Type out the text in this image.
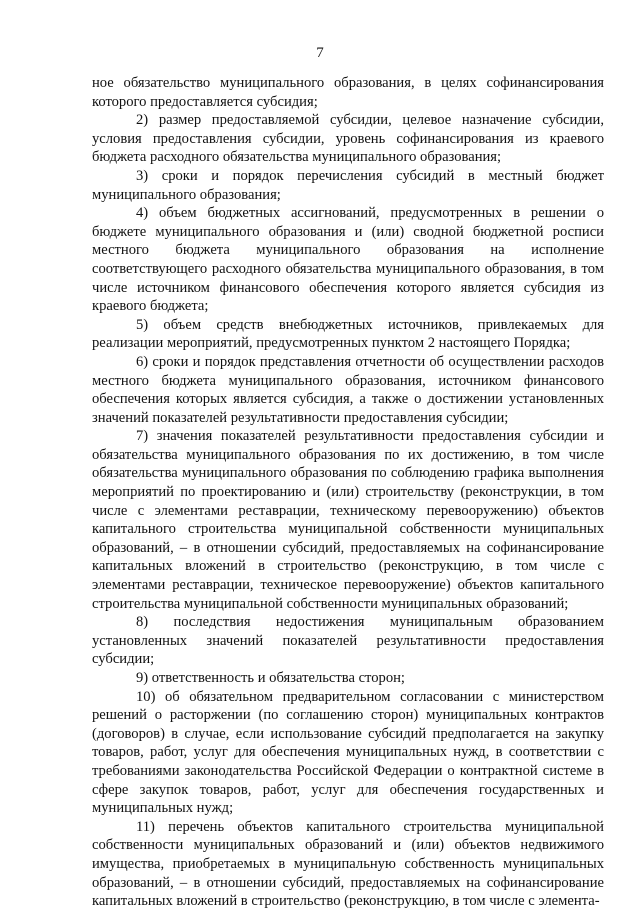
7

ное обязательство муниципального образования, в целях софинансирования которого предоставляется субсидия;

2) размер предоставляемой субсидии, целевое назначение субсидии, условия предоставления субсидии, уровень софинансирования из краевого бюджета расходного обязательства муниципального образования;

3) сроки и порядок перечисления субсидий в местный бюджет муниципального образования;

4) объем бюджетных ассигнований, предусмотренных в решении о бюджете муниципального образования и (или) сводной бюджетной росписи местного бюджета муниципального образования на исполнение соответствующего расходного обязательства муниципального образования, в том числе источником финансового обеспечения которого является субсидия из краевого бюджета;

5) объем средств внебюджетных источников, привлекаемых для реализации мероприятий, предусмотренных пунктом 2 настоящего Порядка;

6) сроки и порядок представления отчетности об осуществлении расходов местного бюджета муниципального образования, источником финансового обеспечения которых является субсидия, а также о достижении установленных значений показателей результативности предоставления субсидии;

7) значения показателей результативности предоставления субсидии и обязательства муниципального образования по их достижению, в том числе обязательства муниципального образования по соблюдению графика выполнения мероприятий по проектированию и (или) строительству (реконструкции, в том числе с элементами реставрации, техническому перевооружению) объектов капитального строительства муниципальной собственности муниципальных образований, – в отношении субсидий, предоставляемых на софинансирование капитальных вложений в строительство (реконструкцию, в том числе с элементами реставрации, техническое перевооружение) объектов капитального строительства муниципальной собственности муниципальных образований;

8) последствия недостижения муниципальным образованием установленных значений показателей результативности предоставления субсидии;

9) ответственность и обязательства сторон;

10) об обязательном предварительном согласовании с министерством решений о расторжении (по соглашению сторон) муниципальных контрактов (договоров) в случае, если использование субсидий предполагается на закупку товаров, работ, услуг для обеспечения муниципальных нужд, в соответствии с требованиями законодательства Российской Федерации о контрактной системе в сфере закупок товаров, работ, услуг для обеспечения государственных и муниципальных нужд;

11) перечень объектов капитального строительства муниципальной собственности муниципальных образований и (или) объектов недвижимого имущества, приобретаемых в муниципальную собственность муниципальных образований, – в отношении субсидий, предоставляемых на софинансирование капитальных вложений в строительство (реконструкцию, в том числе с элемента-
